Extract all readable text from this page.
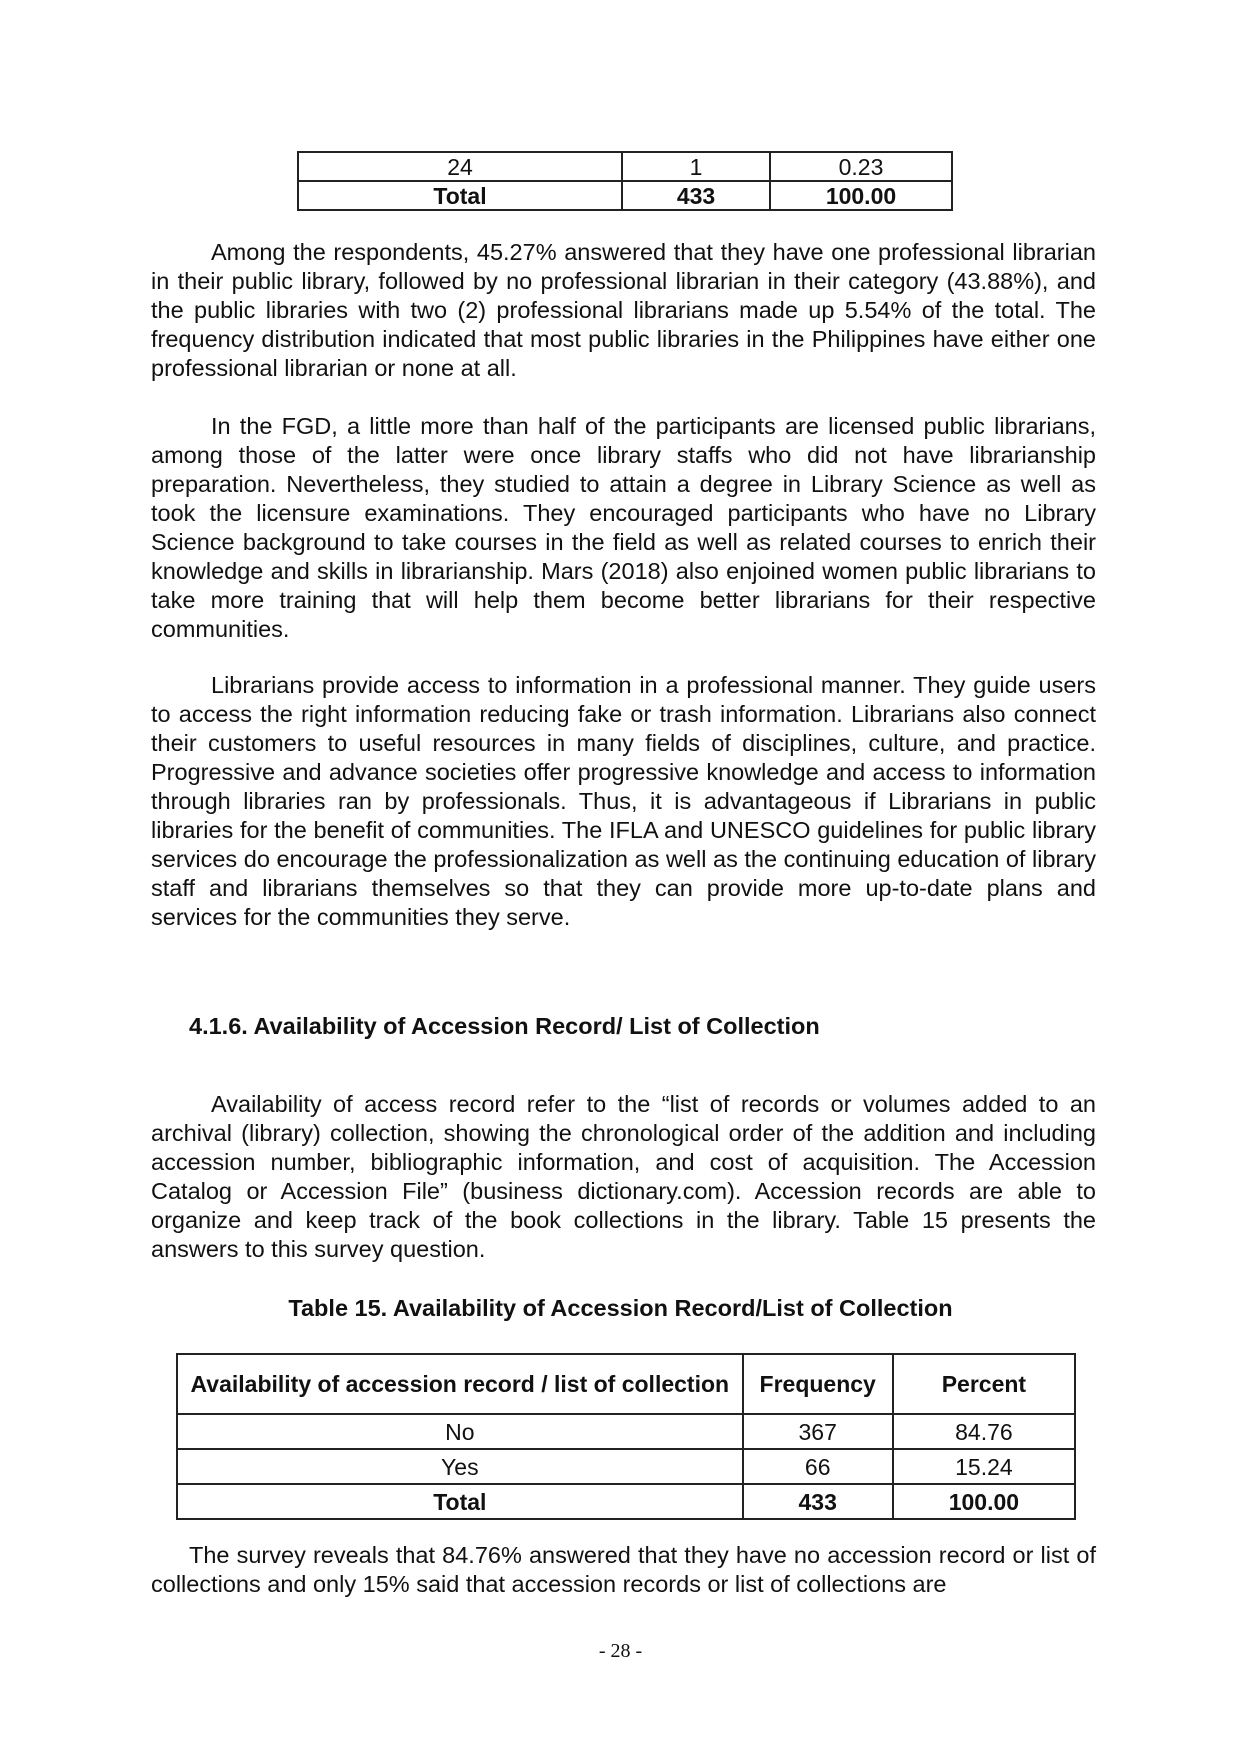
24	1	0.23
Total	433	100.00

Among the respondents, 45.27% answered that they have one professional librarian in their public library, followed by no professional librarian in their category (43.88%), and the public libraries with two (2) professional librarians made up 5.54% of the total. The frequency distribution indicated that most public libraries in the Philippines have either one professional librarian or none at all.

In the FGD, a little more than half of the participants are licensed public librarians, among those of the latter were once library staffs who did not have librarianship preparation. Nevertheless, they studied to attain a degree in Library Science as well as took the licensure examinations. They encouraged participants who have no Library Science background to take courses in the field as well as related courses to enrich their knowledge and skills in librarianship. Mars (2018) also enjoined women public librarians to take more training that will help them become better librarians for their respective communities.

Librarians provide access to information in a professional manner. They guide users to access the right information reducing fake or trash information. Librarians also connect their customers to useful resources in many fields of disciplines, culture, and practice. Progressive and advance societies offer progressive knowledge and access to information through libraries ran by professionals. Thus, it is advantageous if Librarians in public libraries for the benefit of communities. The IFLA and UNESCO guidelines for public library services do encourage the professionalization as well as the continuing education of library staff and librarians themselves so that they can provide more up-to-date plans and services for the communities they serve.

4.1.6. Availability of Accession Record/ List of Collection

Availability of access record refer to the “list of records or volumes added to an archival (library) collection, showing the chronological order of the addition and including accession number, bibliographic information, and cost of acquisition. The Accession Catalog or Accession File” (business dictionary.com). Accession records are able to organize and keep track of the book collections in the library. Table 15 presents the answers to this survey question.

Table 15. Availability of Accession Record/List of Collection
Availability of accession record / list of collection	Frequency	Percent
No	367	84.76
Yes	66	15.24
Total	433	100.00

The survey reveals that 84.76% answered that they have no accession record or list of collections and only 15% said that accession records or list of collections are

- 28 -
